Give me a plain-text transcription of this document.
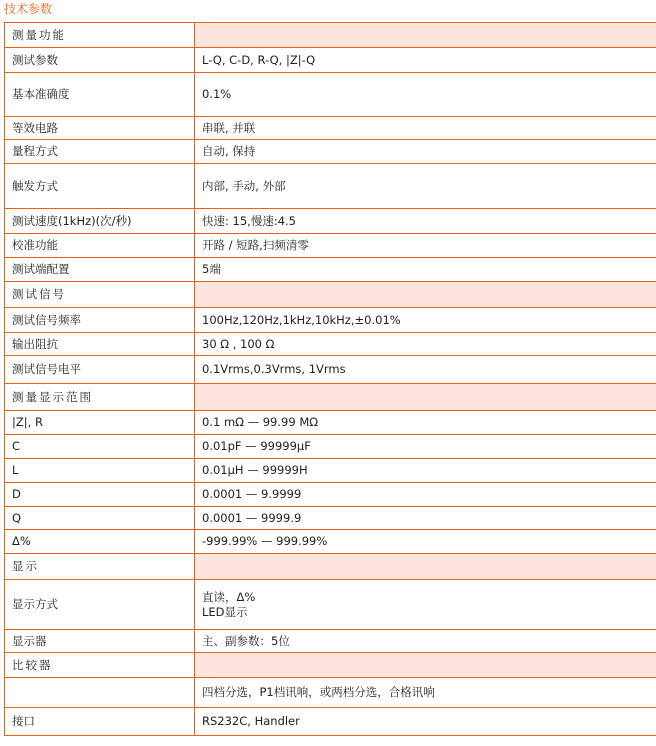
技术参数
测量功能	
测试参数	L-Q, C-D, R-Q, |Z|-Q
基本准确度	0.1%
等效电路	串联, 并联
量程方式	自动, 保持
触发方式	内部, 手动, 外部
测试速度(1kHz)(次/秒)	快速: 15,慢速:4.5
校准功能	开路 / 短路,扫频清零
测试端配置	5端
测试信号	
测试信号频率	100Hz,120Hz,1kHz,10kHz,±0.01%
输出阻抗	30 Ω , 100 Ω
测试信号电平	0.1Vrms,0.3Vrms, 1Vrms
测量显示范围	
|Z|, R	0.1 mΩ — 99.99 MΩ
C	0.01pF — 99999μF
L	0.01μH — 99999H
D	0.0001 — 9.9999
Q	0.0001 — 9999.9
Δ%	-999.99% — 999.99%
显示	
显示方式	直读，Δ%
LED显示

显示器	主、副参数：5位
比较器	
	四档分选，P1档讯响，或两档分选，合格讯响
接口	RS232C, Handler
